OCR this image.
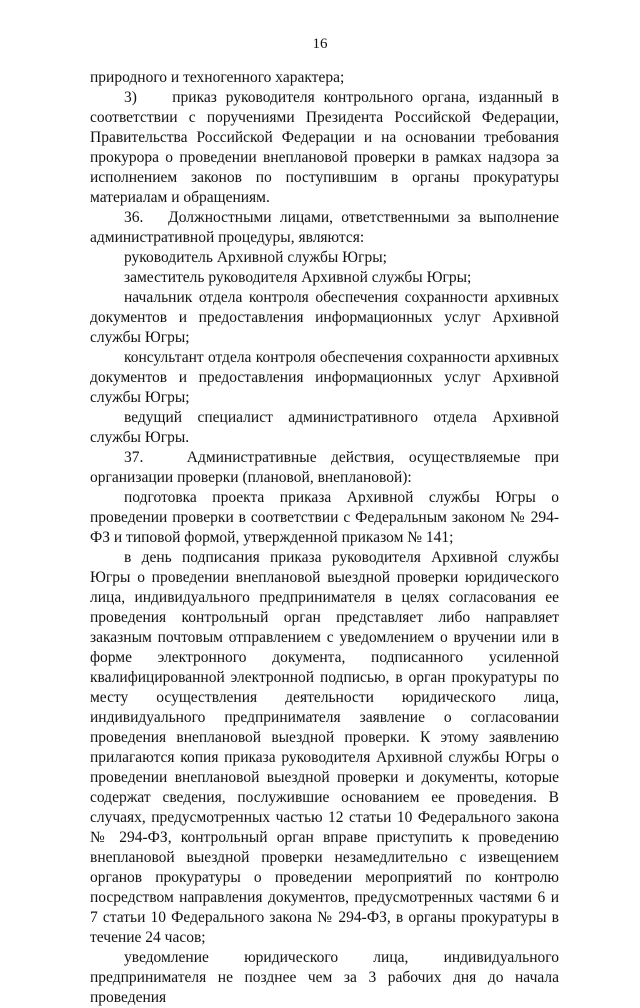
16

природного и техногенного характера;

3)    приказ руководителя контрольного органа, изданный в соответствии с поручениями Президента Российской Федерации, Правительства Российской Федерации и на основании требования прокурора о проведении внеплановой проверки в рамках надзора за исполнением законов по поступившим в органы прокуратуры материалам и обращениям.

36.   Должностными лицами, ответственными за выполнение административной процедуры, являются:

руководитель Архивной службы Югры;

заместитель руководителя Архивной службы Югры;

начальник отдела контроля обеспечения сохранности архивных документов и предоставления информационных услуг Архивной службы Югры;

консультант отдела контроля обеспечения сохранности архивных документов и предоставления информационных услуг Архивной службы Югры;

ведущий специалист административного отдела Архивной службы Югры.

37.   Административные действия, осуществляемые при организации проверки (плановой, внеплановой):

подготовка проекта приказа Архивной службы Югры о проведении проверки в соответствии с Федеральным законом № 294-ФЗ и типовой формой, утвержденной приказом № 141;

в день подписания приказа руководителя Архивной службы Югры о проведении внеплановой выездной проверки юридического лица, индивидуального предпринимателя в целях согласования ее проведения контрольный орган представляет либо направляет заказным почтовым отправлением с уведомлением о вручении или в форме электронного документа, подписанного усиленной квалифицированной электронной подписью, в орган прокуратуры по месту осуществления деятельности юридического лица, индивидуального предпринимателя заявление о согласовании проведения внеплановой выездной проверки. К этому заявлению прилагаются копия приказа руководителя Архивной службы Югры о проведении внеплановой выездной проверки и документы, которые содержат сведения, послужившие основанием ее проведения. В случаях, предусмотренных частью 12 статьи 10 Федерального закона № 294-ФЗ, контрольный орган вправе приступить к проведению внеплановой выездной проверки незамедлительно с извещением органов прокуратуры о проведении мероприятий по контролю посредством направления документов, предусмотренных частями 6 и 7 статьи 10 Федерального закона № 294-ФЗ, в органы прокуратуры в течение 24 часов;

уведомление юридического лица, индивидуального предпринимателя не позднее чем за 3 рабочих дня до начала проведения
